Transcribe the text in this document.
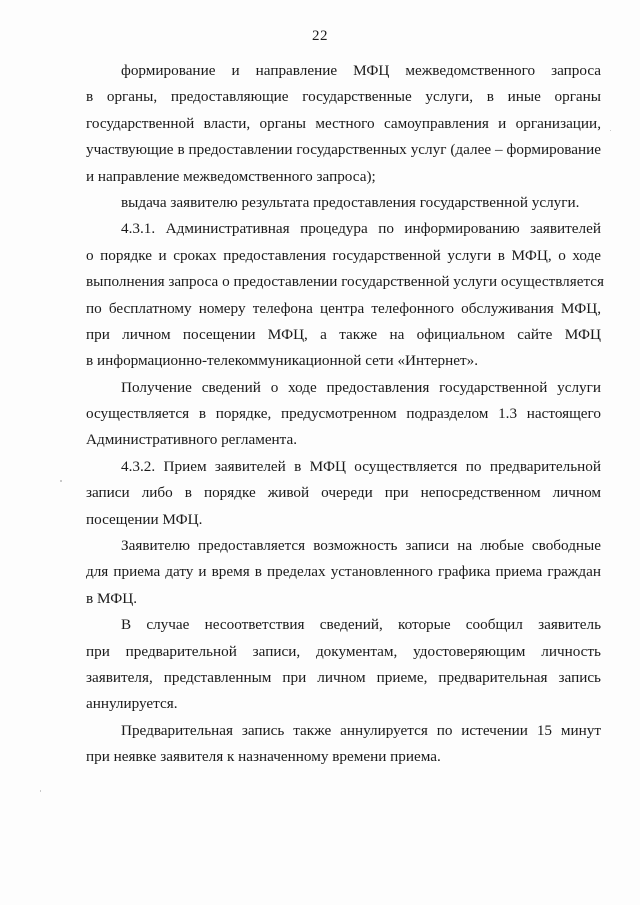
22
формирование и направление МФЦ межведомственного запроса
в органы, предоставляющие государственные услуги, в иные органы
государственной власти, органы местного самоуправления и организации,
участвующие в предоставлении государственных услуг (далее – формирование
и направление межведомственного запроса);
выдача заявителю результата предоставления государственной услуги.
4.3.1. Административная процедура по информированию заявителей
о порядке и сроках предоставления государственной услуги в МФЦ, о ходе
выполнения запроса о предоставлении государственной услуги осуществляется
по бесплатному номеру телефона центра телефонного обслуживания МФЦ,
при личном посещении МФЦ, а также на официальном сайте МФЦ
в информационно-телекоммуникационной сети «Интернет».
Получение сведений о ходе предоставления государственной услуги
осуществляется в порядке, предусмотренном подразделом 1.3 настоящего
Административного регламента.
4.3.2. Прием заявителей в МФЦ осуществляется по предварительной
записи либо в порядке живой очереди при непосредственном личном
посещении МФЦ.
Заявителю предоставляется возможность записи на любые свободные
для приема дату и время в пределах установленного графика приема граждан
в МФЦ.
В случае несоответствия сведений, которые сообщил заявитель
при предварительной записи, документам, удостоверяющим личность
заявителя, представленным при личном приеме, предварительная запись
аннулируется.
Предварительная запись также аннулируется по истечении 15 минут
при неявке заявителя к назначенному времени приема.
